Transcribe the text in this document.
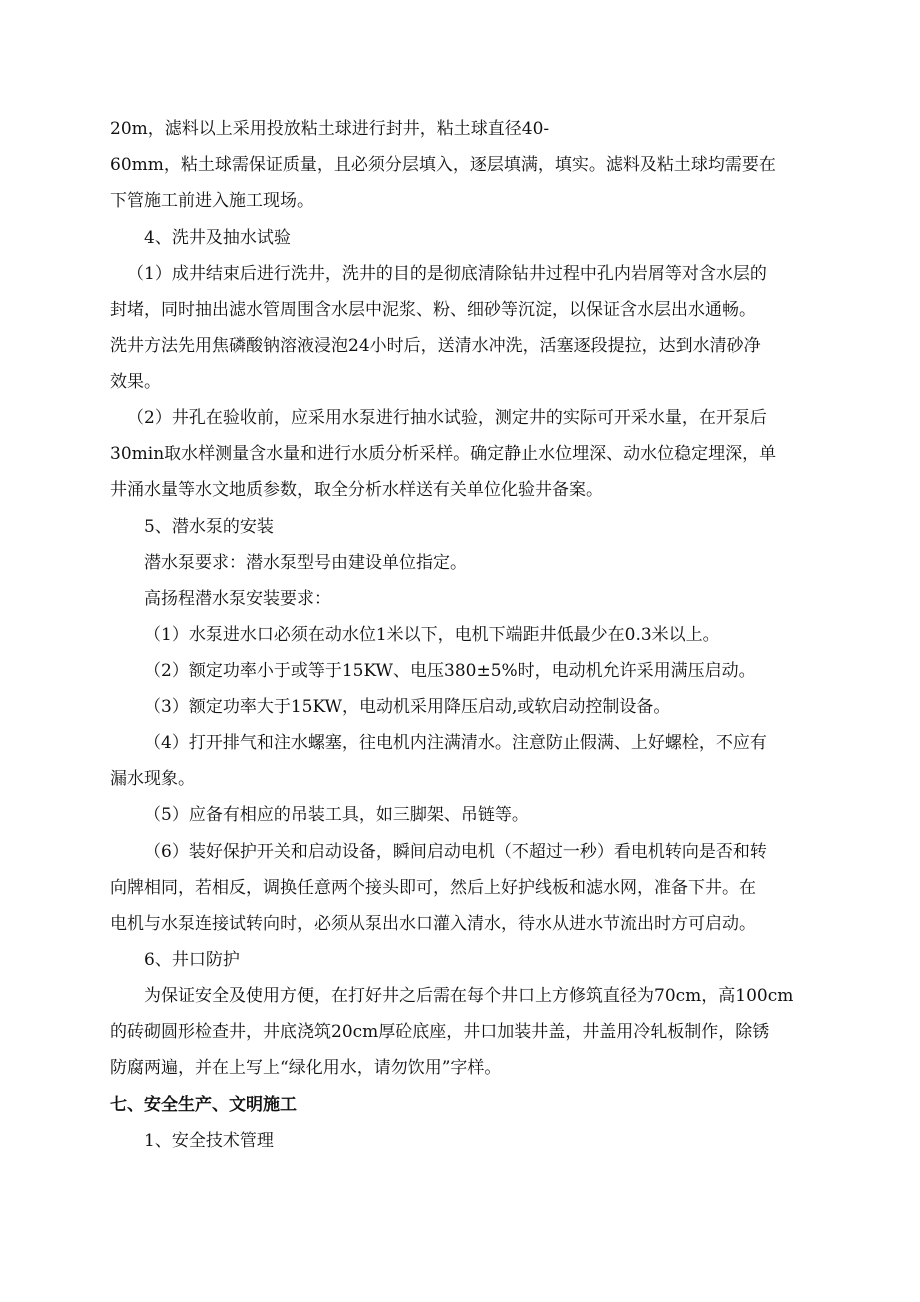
20m，滤料以上采用投放粘土球进行封井，粘土球直径40-

60mm，粘土球需保证质量，且必须分层填入，逐层填满，填实。滤料及粘土球均需要在

下管施工前进入施工现场。

4、洗井及抽水试验

（1）成井结束后进行洗井，洗井的目的是彻底清除钻井过程中孔内岩屑等对含水层的

封堵，同时抽出滤水管周围含水层中泥浆、粉、细砂等沉淀，以保证含水层出水通畅。

洗井方法先用焦磷酸钠溶液浸泡24小时后，送清水冲洗，活塞逐段提拉，达到水清砂净

效果。

（2）井孔在验收前，应采用水泵进行抽水试验，测定井的实际可开采水量，在开泵后

30min取水样测量含水量和进行水质分析采样。确定静止水位埋深、动水位稳定埋深，单

井涌水量等水文地质参数，取全分析水样送有关单位化验井备案。

5、潜水泵的安装

潜水泵要求：潜水泵型号由建设单位指定。

高扬程潜水泵安装要求：

（1）水泵进水口必须在动水位1米以下，电机下端距井低最少在0.3米以上。

（2）额定功率小于或等于15KW、电压380±5%时，电动机允许采用满压启动。

（3）额定功率大于15KW，电动机采用降压启动,或软启动控制设备。

（4）打开排气和注水螺塞，往电机内注满清水。注意防止假满、上好螺栓，不应有

漏水现象。

（5）应备有相应的吊装工具，如三脚架、吊链等。

（6）装好保护开关和启动设备，瞬间启动电机（不超过一秒）看电机转向是否和转

向牌相同，若相反，调换任意两个接头即可，然后上好护线板和滤水网，准备下井。在

电机与水泵连接试转向时，必须从泵出水口灌入清水，待水从进水节流出时方可启动。

6、井口防护

为保证安全及使用方便，在打好井之后需在每个井口上方修筑直径为70cm，高100cm

的砖砌圆形检查井，井底浇筑20cm厚砼底座，井口加装井盖，井盖用冷轧板制作，除锈

防腐两遍，并在上写上“绿化用水，请勿饮用”字样。

七、安全生产、文明施工

1、安全技术管理
